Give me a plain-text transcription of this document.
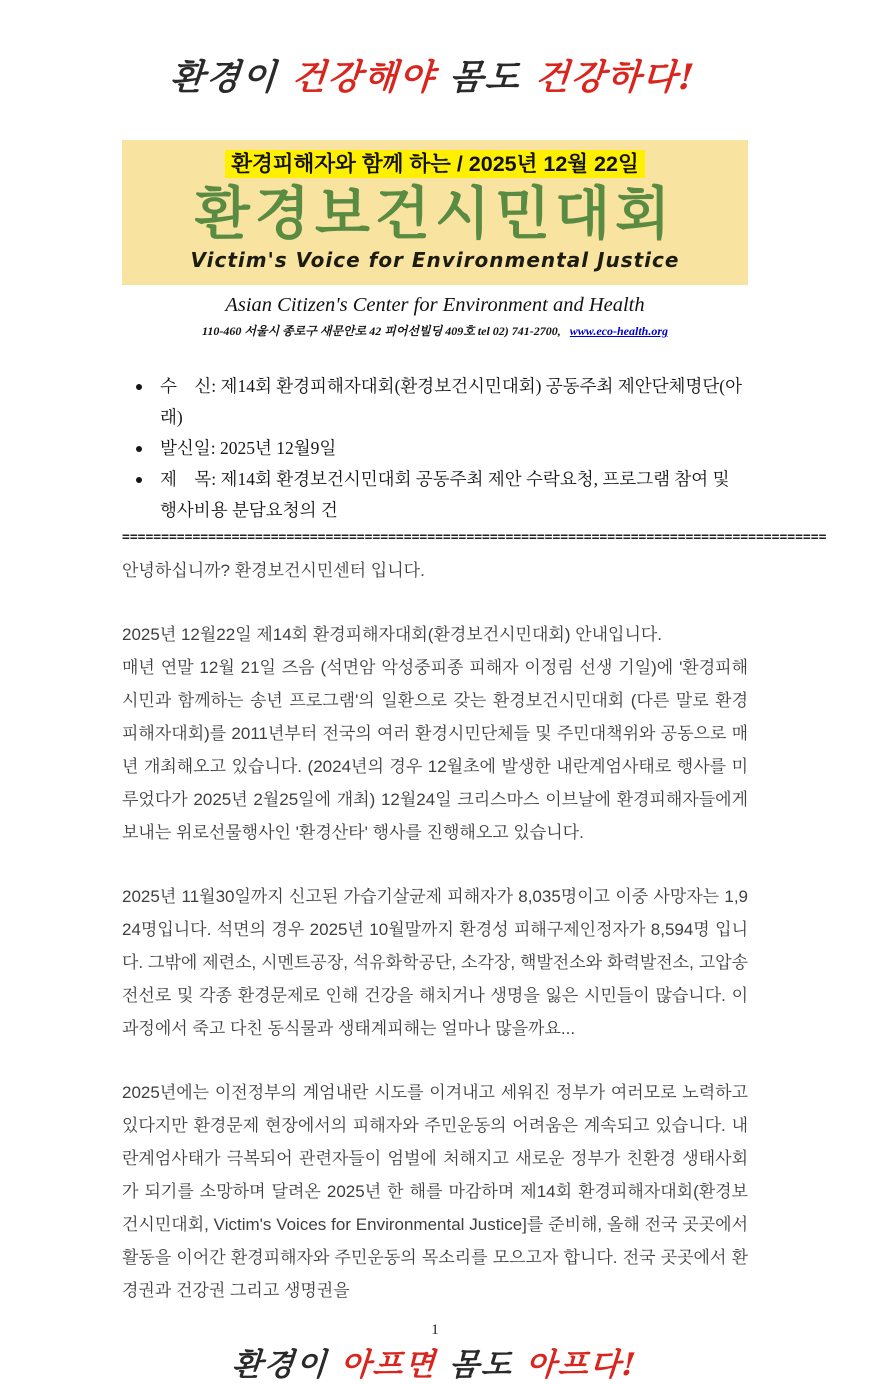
환경이 건강해야 몸도 건강하다!
환경피해자와 함께 하는 / 2025년 12월 22일
환경보건시민대회
Victim's Voice for Environmental Justice
Asian Citizen's Center for Environment and Health
110-460 서울시 종로구 새문안로 42 피어선빌딩 409호 tel 02) 741-2700, www.eco-health.org
수　신: 제14회 환경피해자대회(환경보건시민대회) 공동주최 제안단체명단(아래)
발신일: 2025년 12월9일
제　목: 제14회 환경보건시민대회 공동주최 제안 수락요청, 프로그램 참여 및 행사비용 분담요청의 건
==========================================================================================

안녕하십니까? 환경보건시민센터 입니다.

2025년 12월22일 제14회 환경피해자대회(환경보건시민대회) 안내입니다.

매년 연말 12월 21일 즈음 (석면암 악성중피종 피해자 이정림 선생 기일)에 '환경피해시민과 함께하는 송년 프로그램'의 일환으로 갖는 환경보건시민대회 (다른 말로 환경피해자대회)를 2011년부터 전국의 여러 환경시민단체들 및 주민대책위와 공동으로 매년 개최해오고 있습니다. (2024년의 경우 12월초에 발생한 내란계엄사태로 행사를 미루었다가 2025년 2월25일에 개최) 12월24일 크리스마스 이브날에 환경피해자들에게 보내는 위로선물행사인 '환경산타' 행사를 진행해오고 있습니다.

2025년 11월30일까지 신고된 가습기살균제 피해자가 8,035명이고 이중 사망자는 1,924명입니다. 석면의 경우 2025년 10월말까지 환경성 피해구제인정자가 8,594명 입니다. 그밖에 제련소, 시멘트공장, 석유화학공단, 소각장, 핵발전소와 화력발전소, 고압송전선로 및 각종 환경문제로 인해 건강을 해치거나 생명을 잃은 시민들이 많습니다. 이 과정에서 죽고 다친 동식물과 생태계피해는 얼마나 많을까요...

2025년에는 이전정부의 계엄내란 시도를 이겨내고 세워진 정부가 여러모로 노력하고 있다지만 환경문제 현장에서의 피해자와 주민운동의 어려움은 계속되고 있습니다. 내란계엄사태가 극복되어 관련자들이 엄벌에 처해지고 새로운 정부가 친환경 생태사회가 되기를 소망하며 달려온 2025년 한 해를 마감하며 제14회 환경피해자대회(환경보건시민대회, Victim's Voices for Environmental Justice]를 준비해, 올해 전국 곳곳에서 활동을 이어간 환경피해자와 주민운동의 목소리를 모으고자 합니다. 전국 곳곳에서 환경권과 건강권 그리고 생명권을

1
환경이 아프면 몸도 아프다!
